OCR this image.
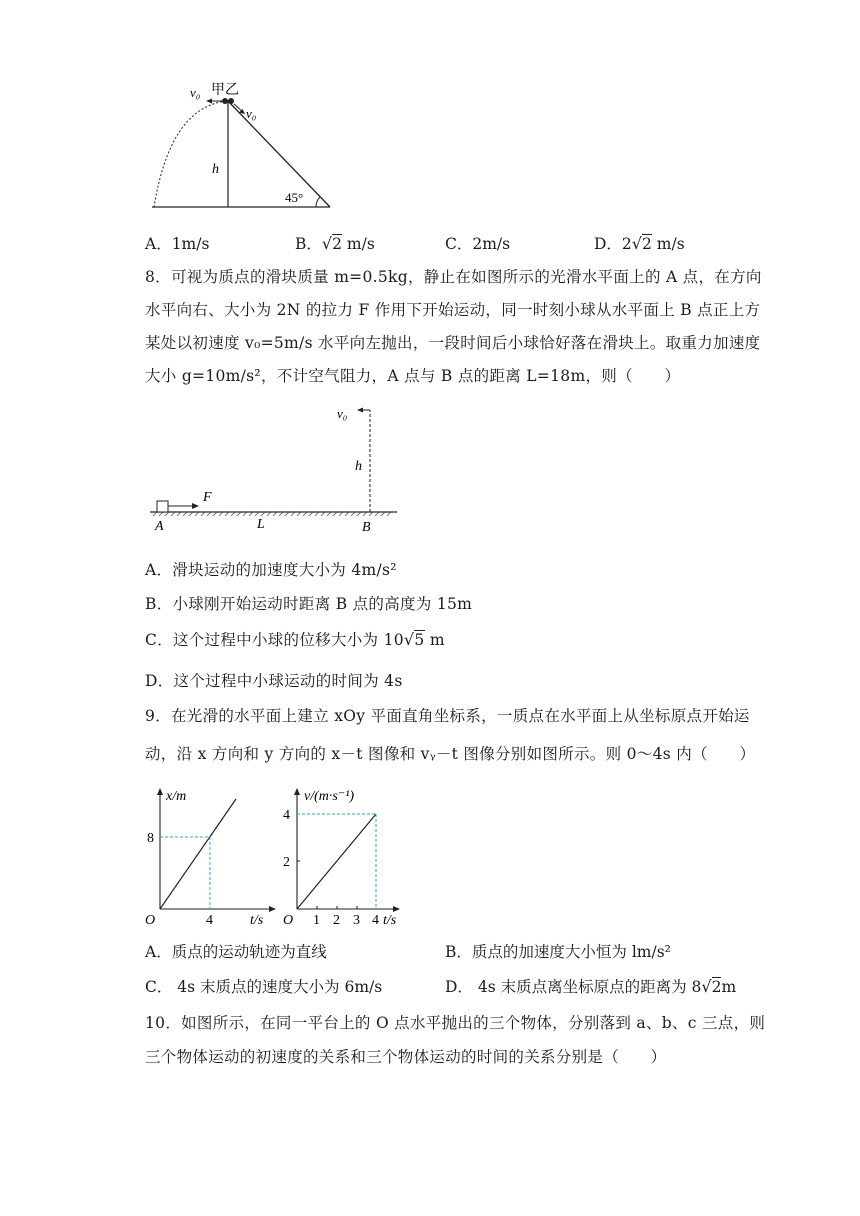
v₀ 甲乙
v₀
h
45°
A．1m/s	B．√2 m/s	C．2m/s	D．2√2 m/s
8．可视为质点的滑块质量 m=0.5kg，静止在如图所示的光滑水平面上的 A 点，在方向
水平向右、大小为 2N 的拉力 F 作用下开始运动，同一时刻小球从水平面上 B 点正上方
某处以初速度 v₀=5m/s 水平向左抛出，一段时间后小球恰好落在滑块上。取重力加速度
大小 g=10m/s²，不计空气阻力，A 点与 B 点的距离 L=18m，则（　　）
v₀
h
F
A	L	B
A．滑块运动的加速度大小为 4m/s²
B．小球刚开始运动时距离 B 点的高度为 15m
C．这个过程中小球的位移大小为 10√5 m
D．这个过程中小球运动的时间为 4s
9．在光滑的水平面上建立 xOy 平面直角坐标系，一质点在水平面上从坐标原点开始运
动，沿 x 方向和 y 方向的 x－t 图像和 vᵧ－t 图像分别如图所示。则 0～4s 内（　　）
x/m
8
O	4	t/s
v/(m·s⁻¹)
4
2
O 1 2 3 4 t/s
A．质点的运动轨迹为直线	B．质点的加速度大小恒为 lm/s²
C． 4s 末质点的速度大小为 6m/s	D． 4s 末质点离坐标原点的距离为 8√2m
10．如图所示，在同一平台上的 O 点水平抛出的三个物体，分别落到 a、b、c 三点，则
三个物体运动的初速度的关系和三个物体运动的时间的关系分别是（　　）
